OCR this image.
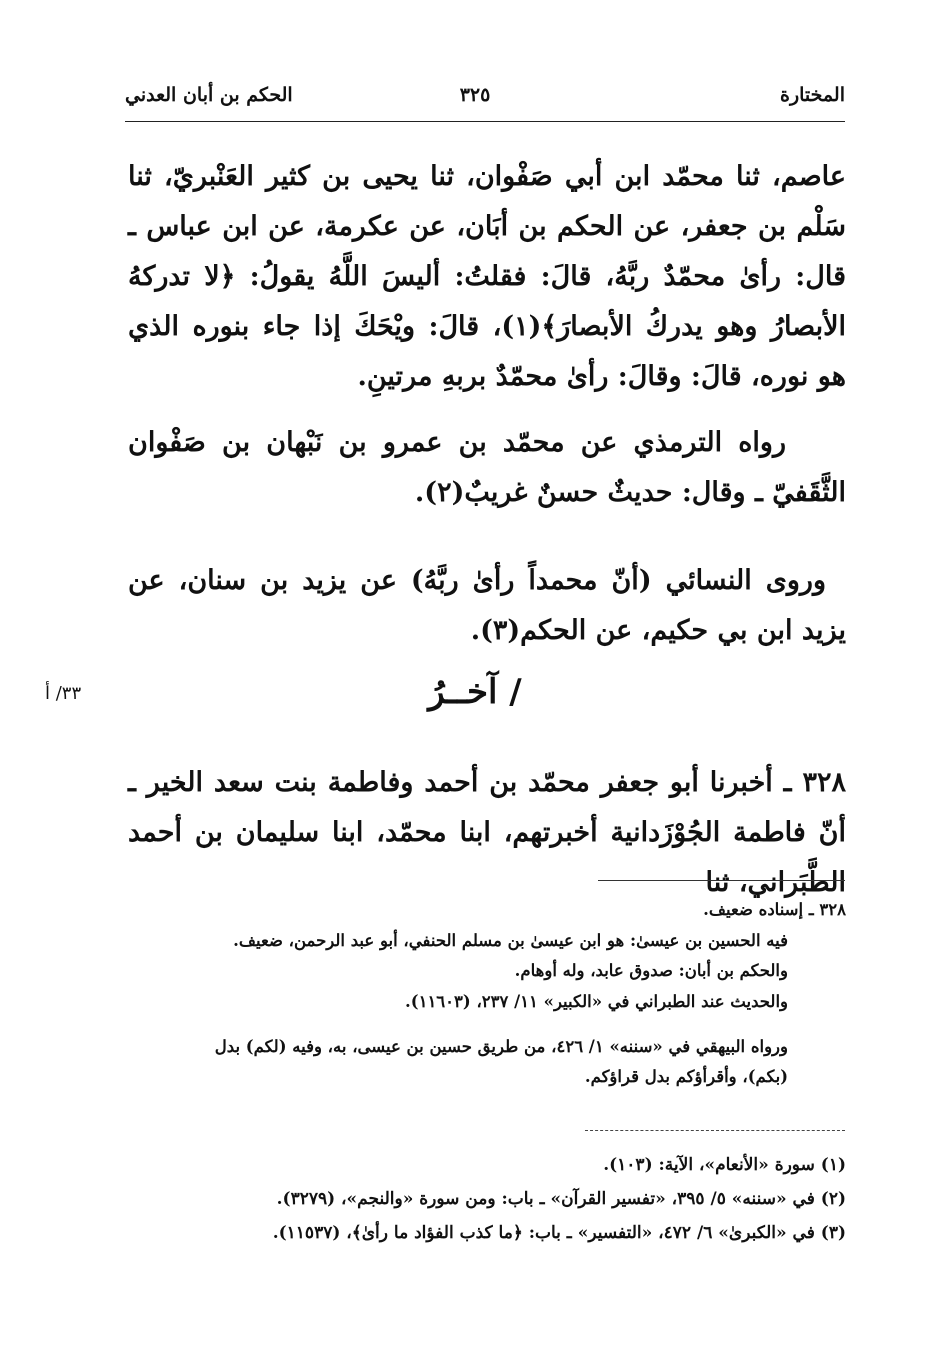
المختارة
٣٢٥
الحكم بن أبان العدني
عاصم، ثنا محمّد ابن أبي صَفْوان، ثنا يحيى بن كثير العَنْبريّ، ثنا سَلْم بن جعفر، عن الحكم بن أبَان، عن عكرمة، عن ابن عباس ـ قال: رأىٰ محمّدٌ ربَّهُ، قالَ: فقلتُ: أليسَ اللَّهُ يقولُ: ﴿لا تدركهُ الأبصارُ وهو يدركُ الأبصارَ﴾(١)، قالَ: ويْحَكَ إذا جاء بنوره الذي هو نوره، قالَ: وقالَ: رأىٰ محمّدٌ بربهِ مرتينِ.
رواه الترمذي عن محمّد بن عمرو بن نَبْهان بن صَفْوان الثَّقَفيّ ـ وقال: حديثٌ حسنٌ غريبٌ(٢).
وروى النسائي (أنّ محمداً رأىٰ ربَّهُ) عن يزيد بن سنان، عن يزيد ابن بي حكيم، عن الحكم(٣).
/ آخــرُ
٣٣/ أ
٣٢٨ ـ أخبرنا أبو جعفر محمّد بن أحمد وفاطمة بنت سعد الخير ـ أنّ فاطمة الجُوْزَدانية أخبرتهم، ابنا محمّد، ابنا سليمان بن أحمد الطَّبَراني، ثنا
٣٢٨ ـ إسناده ضعيف.
فيه الحسين بن عيسىٰ: هو ابن عيسىٰ بن مسلم الحنفي، أبو عبد الرحمن، ضعيف.
والحكم بن أبان: صدوق عابد، وله أوهام.
والحديث عند الطبراني في «الكبير» ١١/ ٢٣٧، (١١٦٠٣).
ورواه البيهقي في «سننه» ١/ ٤٢٦، من طريق حسين بن عيسى، به، وفيه (لكم) بدل
(بكم)، وأقرأؤكم بدل قراؤكم.
(١) سورة «الأنعام»، الآية: (١٠٣).
(٢) في «سننه» ٥/ ٣٩٥، «تفسير القرآن» ـ باب: ومن سورة «والنجم»، (٣٢٧٩).
(٣) في «الكبرىٰ» ٦/ ٤٧٢، «التفسير» ـ باب: ﴿ما كذب الفؤاد ما رأىٰ﴾، (١١٥٣٧).
